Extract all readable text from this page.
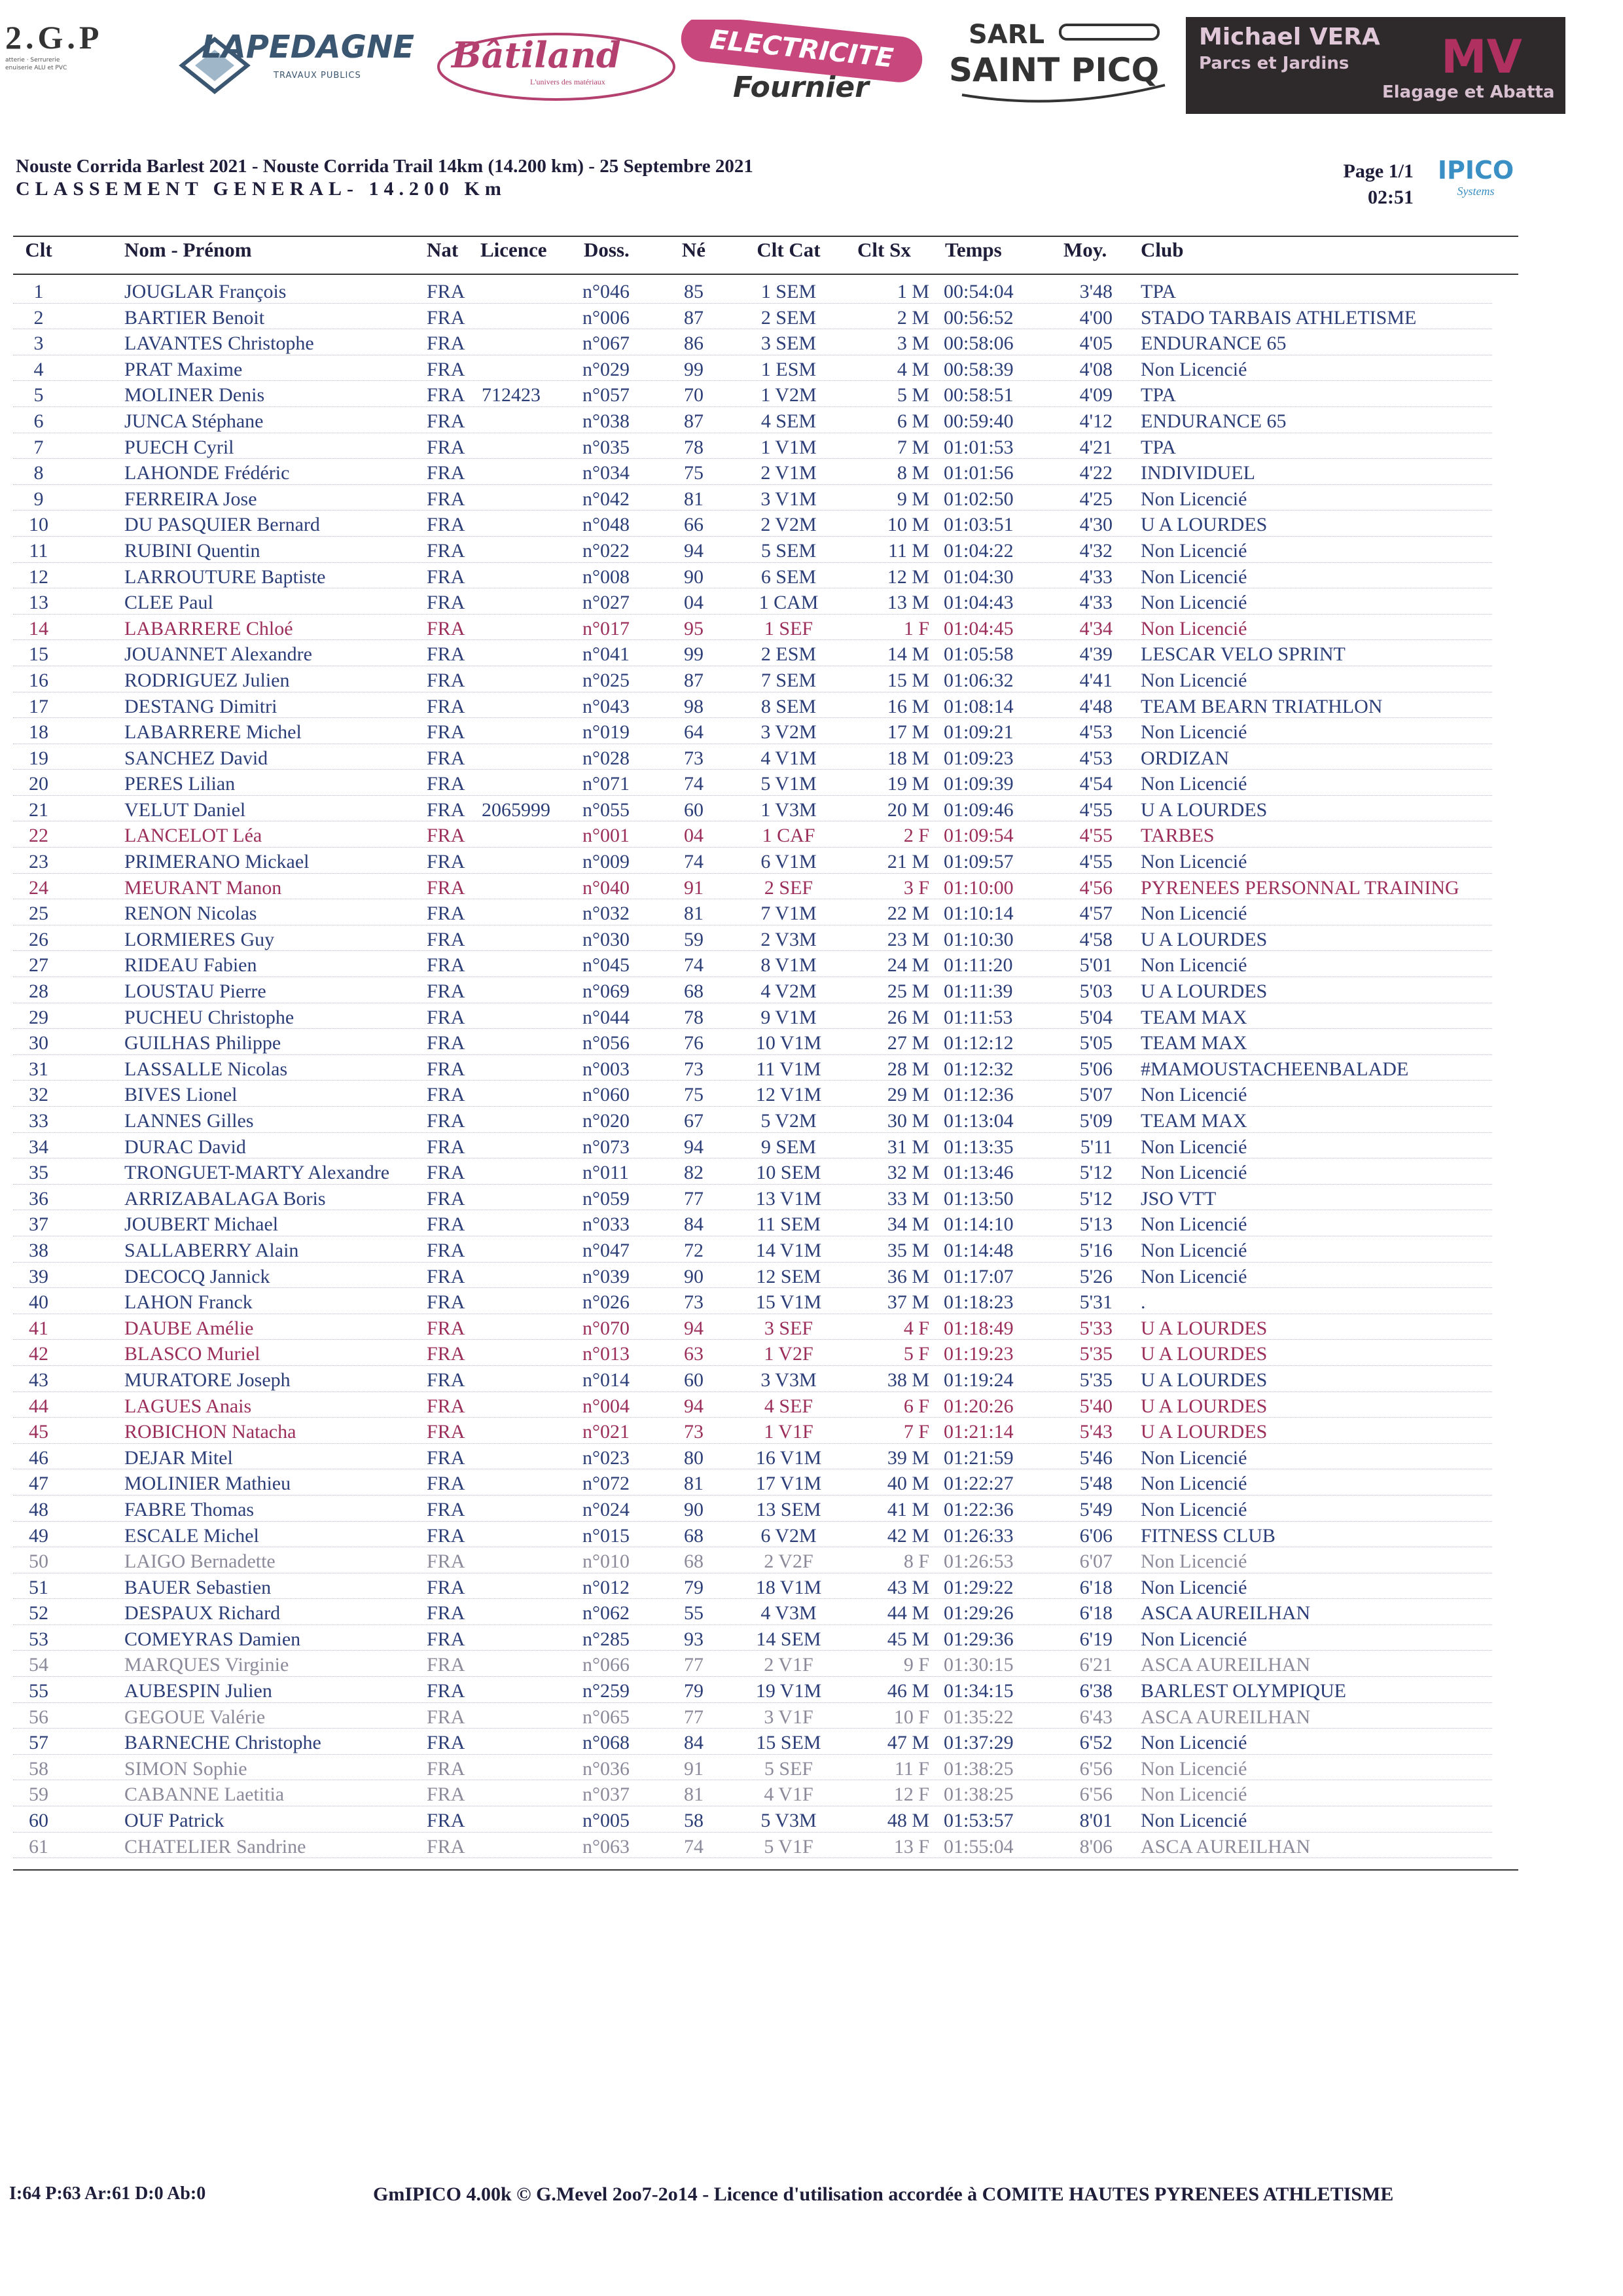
2.G.P
atterie · Serrurerie
enuiserie ALU et PVC
LAPEDAGNE
TRAVAUX PUBLICS	Bâtiland
L'univers des matériaux
ELECTRICITE
Fournier
SARL
SAINT PICQ
Michael VERA
Parcs et Jardins MV
Elagage et Abatta
Nouste Corrida Barlest 2021 - Nouste Corrida Trail 14km (14.200 km) - 25 Septembre 2021
CLASSEMENT GENERAL- 14.200 Km
Page 1/1
02:51
IPICO
Systems
Clt	Nom - Prénom	Nat Licence Doss.	Né	Clt Cat	Clt Sx	Temps	Moy. Club
1	JOUGLAR François	FRA	n°046	85	1 SEM	1 M 00:54:04	3'48 TPA
2	BARTIER Benoit	FRA	n°006	87	2 SEM	2 M 00:56:52	4'00 STADO TARBAIS ATHLETISME
3	LAVANTES Christophe	FRA	n°067	86	3 SEM	3 M 00:58:06	4'05 ENDURANCE 65
4	PRAT Maxime	FRA	n°029	99	1 ESM	4 M 00:58:39	4'08 Non Licencié
5	MOLINER Denis	FRA 712423 n°057	70	1 V2M	5 M 00:58:51	4'09 TPA
6	JUNCA Stéphane	FRA	n°038	87	4 SEM	6 M 00:59:40	4'12 ENDURANCE 65
7	PUECH Cyril	FRA	n°035	78	1 V1M	7 M 01:01:53	4'21 TPA
8	LAHONDE Frédéric	FRA	n°034	75	2 V1M	8 M 01:01:56	4'22 INDIVIDUEL
9	FERREIRA Jose	FRA	n°042	81	3 V1M	9 M 01:02:50	4'25 Non Licencié
10	DU PASQUIER Bernard	FRA	n°048	66	2 V2M	10 M 01:03:51	4'30 U A LOURDES
11	RUBINI Quentin	FRA	n°022	94	5 SEM	11 M 01:04:22	4'32 Non Licencié
12	LARROUTURE Baptiste	FRA	n°008	90	6 SEM	12 M 01:04:30	4'33 Non Licencié
13	CLEE Paul	FRA	n°027	04	1 CAM	13 M 01:04:43	4'33 Non Licencié
14	LABARRERE Chloé	FRA	n°017	95	1 SEF	1 F 01:04:45	4'34 Non Licencié
15	JOUANNET Alexandre	FRA	n°041	99	2 ESM	14 M 01:05:58	4'39 LESCAR VELO SPRINT
16	RODRIGUEZ Julien	FRA	n°025	87	7 SEM	15 M 01:06:32	4'41 Non Licencié
17	DESTANG Dimitri	FRA	n°043	98	8 SEM	16 M 01:08:14	4'48 TEAM BEARN TRIATHLON
18	LABARRERE Michel	FRA	n°019	64	3 V2M	17 M 01:09:21	4'53 Non Licencié
19	SANCHEZ David	FRA	n°028	73	4 V1M	18 M 01:09:23	4'53 ORDIZAN
20	PERES Lilian	FRA	n°071	74	5 V1M	19 M 01:09:39	4'54 Non Licencié
21	VELUT Daniel	FRA 2065999 n°055	60	1 V3M	20 M 01:09:46	4'55 U A LOURDES
22	LANCELOT Léa	FRA	n°001	04	1 CAF	2 F 01:09:54	4'55 TARBES
23	PRIMERANO Mickael	FRA	n°009	74	6 V1M	21 M 01:09:57	4'55 Non Licencié
24	MEURANT Manon	FRA	n°040	91	2 SEF	3 F 01:10:00	4'56 PYRENEES PERSONNAL TRAINING
25	RENON Nicolas	FRA	n°032	81	7 V1M	22 M 01:10:14	4'57 Non Licencié
26	LORMIERES Guy	FRA	n°030	59	2 V3M	23 M 01:10:30	4'58 U A LOURDES
27	RIDEAU Fabien	FRA	n°045	74	8 V1M	24 M 01:11:20	5'01 Non Licencié
28	LOUSTAU Pierre	FRA	n°069	68	4 V2M	25 M 01:11:39	5'03 U A LOURDES
29	PUCHEU Christophe	FRA	n°044	78	9 V1M	26 M 01:11:53	5'04 TEAM MAX
30	GUILHAS Philippe	FRA	n°056	76	10 V1M	27 M 01:12:12	5'05 TEAM MAX
31	LASSALLE Nicolas	FRA	n°003	73	11 V1M	28 M 01:12:32	5'06 #MAMOUSTACHEENBALADE
32	BIVES Lionel	FRA	n°060	75	12 V1M	29 M 01:12:36	5'07 Non Licencié
33	LANNES Gilles	FRA	n°020	67	5 V2M	30 M 01:13:04	5'09 TEAM MAX
34	DURAC David	FRA	n°073	94	9 SEM	31 M 01:13:35	5'11 Non Licencié
35	TRONGUET-MARTY Alexandre	FRA	n°011	82	10 SEM	32 M 01:13:46	5'12 Non Licencié
36	ARRIZABALAGA Boris	FRA	n°059	77	13 V1M	33 M 01:13:50	5'12 JSO VTT
37	JOUBERT Michael	FRA	n°033	84	11 SEM	34 M 01:14:10	5'13 Non Licencié
38	SALLABERRY Alain	FRA	n°047	72	14 V1M	35 M 01:14:48	5'16 Non Licencié
39	DECOCQ Jannick	FRA	n°039	90	12 SEM	36 M 01:17:07	5'26 Non Licencié
40	LAHON Franck	FRA	n°026	73	15 V1M	37 M 01:18:23	5'31 .
41	DAUBE Amélie	FRA	n°070	94	3 SEF	4 F 01:18:49	5'33 U A LOURDES
42	BLASCO Muriel	FRA	n°013	63	1 V2F	5 F 01:19:23	5'35 U A LOURDES
43	MURATORE Joseph	FRA	n°014	60	3 V3M	38 M 01:19:24	5'35 U A LOURDES
44	LAGUES Anais	FRA	n°004	94	4 SEF	6 F 01:20:26	5'40 U A LOURDES
45	ROBICHON Natacha	FRA	n°021	73	1 V1F	7 F 01:21:14	5'43 U A LOURDES
46	DEJAR Mitel	FRA	n°023	80	16 V1M	39 M 01:21:59	5'46 Non Licencié
47	MOLINIER Mathieu	FRA	n°072	81	17 V1M	40 M 01:22:27	5'48 Non Licencié
48	FABRE Thomas	FRA	n°024	90	13 SEM	41 M 01:22:36	5'49 Non Licencié
49	ESCALE Michel	FRA	n°015	68	6 V2M	42 M 01:26:33	6'06 FITNESS CLUB
50	LAIGO Bernadette	FRA	n°010	68	2 V2F	8 F 01:26:53	6'07 Non Licencié
51	BAUER Sebastien	FRA	n°012	79	18 V1M	43 M 01:29:22	6'18 Non Licencié
52	DESPAUX Richard	FRA	n°062	55	4 V3M	44 M 01:29:26	6'18 ASCA AUREILHAN
53	COMEYRAS Damien	FRA	n°285	93	14 SEM	45 M 01:29:36	6'19 Non Licencié
54	MARQUES Virginie	FRA	n°066	77	2 V1F	9 F 01:30:15	6'21 ASCA AUREILHAN
55	AUBESPIN Julien	FRA	n°259	79	19 V1M	46 M 01:34:15	6'38 BARLEST OLYMPIQUE
56	GEGOUE Valérie	FRA	n°065	77	3 V1F	10 F 01:35:22	6'43 ASCA AUREILHAN
57	BARNECHE Christophe	FRA	n°068	84	15 SEM	47 M 01:37:29	6'52 Non Licencié
58	SIMON Sophie	FRA	n°036	91	5 SEF	11 F 01:38:25	6'56 Non Licencié
59	CABANNE Laetitia	FRA	n°037	81	4 V1F	12 F 01:38:25	6'56 Non Licencié
60	OUF Patrick	FRA	n°005	58	5 V3M	48 M 01:53:57	8'01 Non Licencié
61	CHATELIER Sandrine	FRA	n°063	74	5 V1F	13 F 01:55:04	8'06 ASCA AUREILHAN
I:64 P:63 Ar:61 D:0 Ab:0	GmIPICO 4.00k © G.Mevel 2oo7-2o14 - Licence d'utilisation accordée à COMITE HAUTES PYRENEES ATHLETISME
